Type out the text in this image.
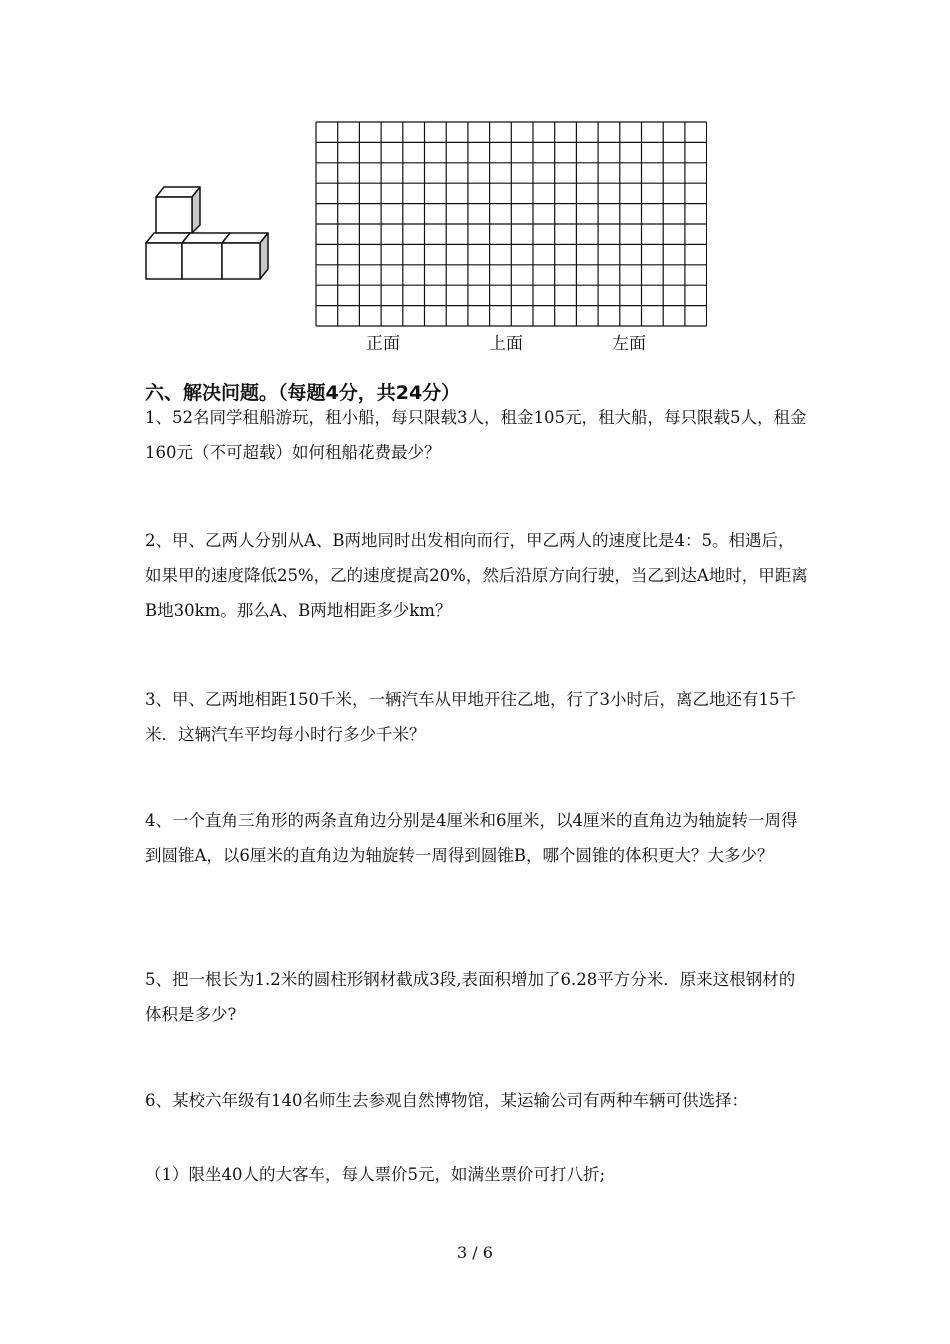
正面	上面	左面
六、解决问题。（每题4分，共24分）

1、52名同学租船游玩，租小船，每只限载3人，租金105元，租大船，每只限载5人，租金160元（不可超载）如何租船花费最少？

2、甲、乙两人分别从A、B两地同时出发相向而行，甲乙两人的速度比是4：5。相遇后，如果甲的速度降低25%，乙的速度提高20%，然后沿原方向行驶，当乙到达A地时，甲距离B地30km。那么A、B两地相距多少km？

3、甲、乙两地相距150千米，一辆汽车从甲地开往乙地，行了3小时后，离乙地还有15千米．这辆汽车平均每小时行多少千米？

4、一个直角三角形的两条直角边分别是4厘米和6厘米，以4厘米的直角边为轴旋转一周得到圆锥A，以6厘米的直角边为轴旋转一周得到圆锥B，哪个圆锥的体积更大？大多少？

5、把一根长为1.2米的圆柱形钢材截成3段,表面积增加了6.28平方分米．原来这根钢材的体积是多少?

6、某校六年级有140名师生去参观自然博物馆，某运输公司有两种车辆可供选择：

（1）限坐40人的大客车，每人票价5元，如满坐票价可打八折;

3 / 6
